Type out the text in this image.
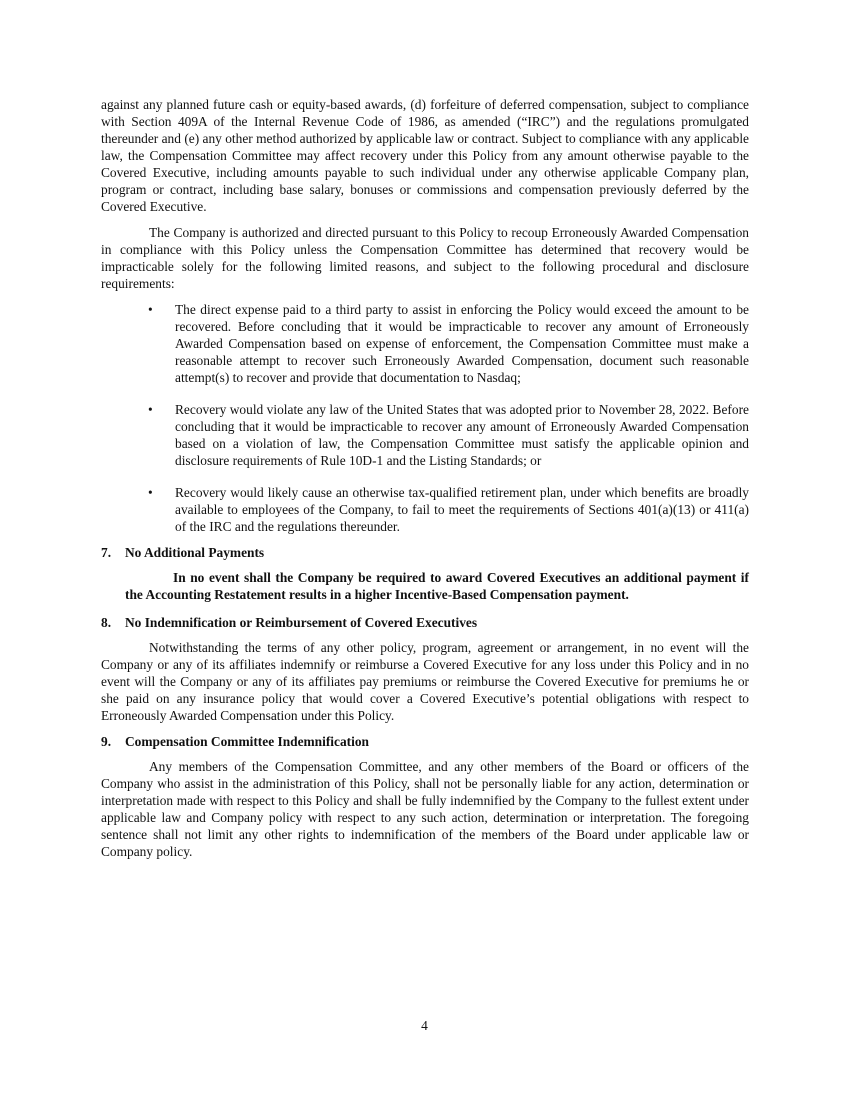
against any planned future cash or equity-based awards, (d) forfeiture of deferred compensation, subject to compliance with Section 409A of the Internal Revenue Code of 1986, as amended (“IRC”) and the regulations promulgated thereunder and (e) any other method authorized by applicable law or contract. Subject to compliance with any applicable law, the Compensation Committee may affect recovery under this Policy from any amount otherwise payable to the Covered Executive, including amounts payable to such individual under any otherwise applicable Company plan, program or contract, including base salary, bonuses or commissions and compensation previously deferred by the Covered Executive.

The Company is authorized and directed pursuant to this Policy to recoup Erroneously Awarded Compensation in compliance with this Policy unless the Compensation Committee has determined that recovery would be impracticable solely for the following limited reasons, and subject to the following procedural and disclosure requirements:

• The direct expense paid to a third party to assist in enforcing the Policy would exceed the amount to be recovered. Before concluding that it would be impracticable to recover any amount of Erroneously Awarded Compensation based on expense of enforcement, the Compensation Committee must make a reasonable attempt to recover such Erroneously Awarded Compensation, document such reasonable attempt(s) to recover and provide that documentation to Nasdaq;
• Recovery would violate any law of the United States that was adopted prior to November 28, 2022. Before concluding that it would be impracticable to recover any amount of Erroneously Awarded Compensation based on a violation of law, the Compensation Committee must satisfy the applicable opinion and disclosure requirements of Rule 10D-1 and the Listing Standards; or
• Recovery would likely cause an otherwise tax-qualified retirement plan, under which benefits are broadly available to employees of the Company, to fail to meet the requirements of Sections 401(a)(13) or 411(a) of the IRC and the regulations thereunder.
7. No Additional Payments

In no event shall the Company be required to award Covered Executives an additional payment if the Accounting Restatement results in a higher Incentive-Based Compensation payment.

8. No Indemnification or Reimbursement of Covered Executives

Notwithstanding the terms of any other policy, program, agreement or arrangement, in no event will the Company or any of its affiliates indemnify or reimburse a Covered Executive for any loss under this Policy and in no event will the Company or any of its affiliates pay premiums or reimburse the Covered Executive for premiums he or she paid on any insurance policy that would cover a Covered Executive’s potential obligations with respect to Erroneously Awarded Compensation under this Policy.

9. Compensation Committee Indemnification

Any members of the Compensation Committee, and any other members of the Board or officers of the Company who assist in the administration of this Policy, shall not be personally liable for any action, determination or interpretation made with respect to this Policy and shall be fully indemnified by the Company to the fullest extent under applicable law and Company policy with respect to any such action, determination or interpretation. The foregoing sentence shall not limit any other rights to indemnification of the members of the Board under applicable law or Company policy.

4
